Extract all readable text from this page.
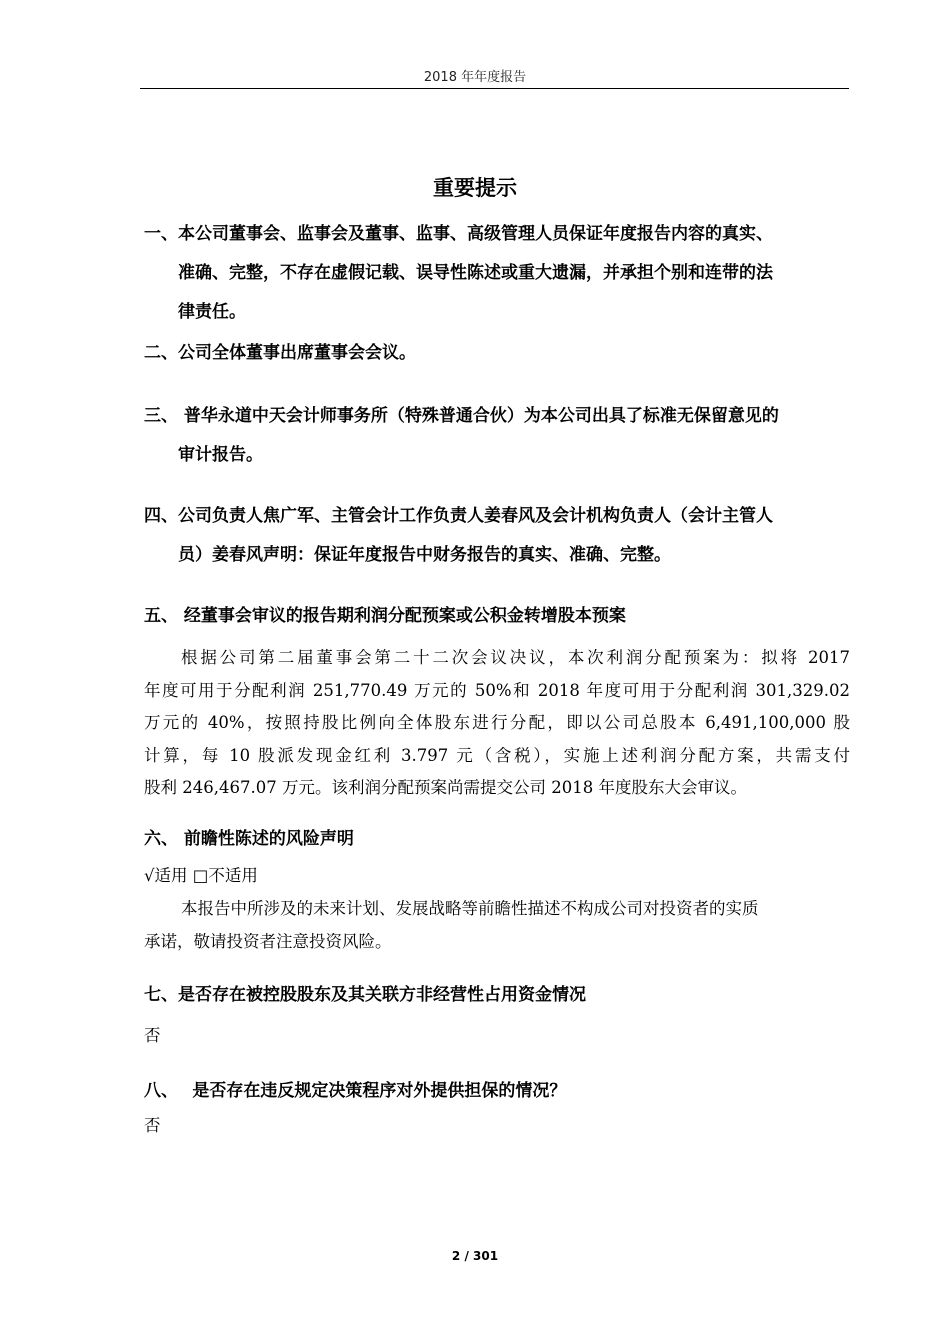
2018 年年度报告
重要提示
一、本公司董事会、监事会及董事、监事、高级管理人员保证年度报告内容的真实、
准确、完整，不存在虚假记载、误导性陈述或重大遗漏，并承担个别和连带的法
律责任。
二、公司全体董事出席董事会会议。
三、 普华永道中天会计师事务所（特殊普通合伙）为本公司出具了标准无保留意见的
审计报告。
四、公司负责人焦广军、主管会计工作负责人姜春风及会计机构负责人（会计主管人
员）姜春风声明：保证年度报告中财务报告的真实、准确、完整。
五、 经董事会审议的报告期利润分配预案或公积金转增股本预案
根据公司第二届董事会第二十二次会议决议，本次利润分配预案为：拟将 2017
年度可用于分配利润 251,770.49 万元的 50%和 2018 年度可用于分配利润 301,329.02
万元的 40%，按照持股比例向全体股东进行分配，即以公司总股本 6,491,100,000 股
计算，每 10 股派发现金红利 3.797 元（含税），实施上述利润分配方案，共需支付
股利 246,467.07 万元。该利润分配预案尚需提交公司 2018 年度股东大会审议。
六、 前瞻性陈述的风险声明
√适用 □不适用
本报告中所涉及的未来计划、发展战略等前瞻性描述不构成公司对投资者的实质
承诺，敬请投资者注意投资风险。
七、是否存在被控股股东及其关联方非经营性占用资金情况
否
八、　 是否存在违反规定决策程序对外提供担保的情况？
否
2 / 301
